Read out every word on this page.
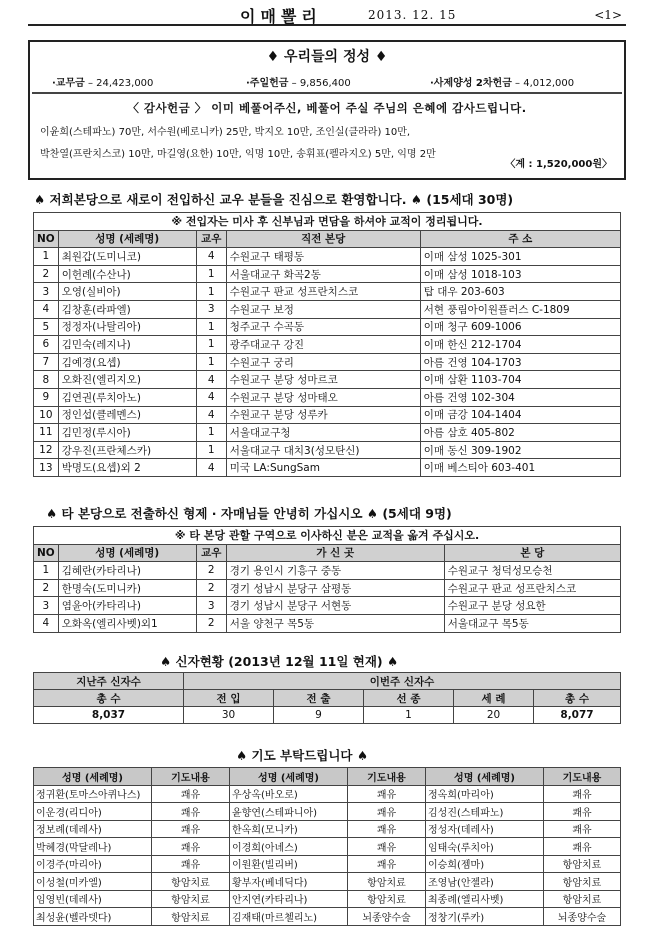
이매뽈리	2013. 12. 15	<1>
♦ 우리들의 정성 ♦
·교무금 – 24,423,000	·주일헌금 – 9,856,400	·사제양성 2차헌금 – 4,012,000
〈 감사헌금 〉 이미 베풀어주신, 베풀어 주실 주님의 은혜에 감사드립니다.
이윤희(스테파노) 70만, 서수원(베로니카) 25만, 박지오 10만, 조인실(클라라) 10만,
박찬열(프란치스코) 10만, 마길영(요한) 10만, 익명 10만, 송휘표(펠라지오) 5만, 익명 2만
〈계 : 1,520,000원〉
♠ 저희본당으로 새로이 전입하신 교우 분들을 진심으로 환영합니다. ♠ (15세대 30명)
※ 전입자는 미사 후 신부님과 면담을 하셔야 교적이 정리됩니다.				
NO	성명 (세례명)	교우	직전 본당	주 소
1	최원갑(도미니코)	4	수원교구 태평동	이매 삼성 1025-301
2	이헌례(수산나)	1	서울대교구 화곡2동	이매 삼성 1018-103
3	오영(실비아)	1	수원교구 판교 성프란치스코	탑 대우 203-603
4	김창훈(라파엘)	3	수원교구 보정	서현 풍림아이원플러스 C-1809
5	정정자(나탈리아)	1	청주교구 수곡동	이매 청구 609-1006
6	김민숙(레지나)	1	광주대교구 강진	이매 한신 212-1704
7	김예경(요셉)	1	수원교구 궁리	아름 건영 104-1703
8	오화진(엘리지오)	4	수원교구 분당 성마르코	이매 삼환 1103-704
9	김연권(루치아노)	4	수원교구 분당 성마태오	아름 건영 102-304
10	정인섭(클레멘스)	4	수원교구 분당 성루카	이매 금강 104-1404
11	김민정(루시아)	1	서울대교구청	아름 삼호 405-802
12	강우진(프란체스카)	1	서울대교구 대치3(성모탄신)	이매 동신 309-1902
13	박명도(요셉)외 2	4	미국 LA:SungSam	이매 베스티아 603-401
♠ 타 본당으로 전출하신 형제 · 자매님들 안녕히 가십시오 ♠ (5세대 9명)
※ 타 본당 관할 구역으로 이사하신 분은 교적을 옮겨 주십시오.				
NO	성명 (세례명)	교우	가 신 곳	본 당
1	김혜란(카타리나)	2	경기 용인시 기흥구 중동	수원교구 청덕성모승천
2	한명숙(도미니카)	2	경기 성남시 분당구 삼평동	수원교구 판교 성프란치스코
3	염윤아(카타리나)	3	경기 성남시 분당구 서현동	수원교구 분당 성요한
4	오화옥(엘리사벳)외1	2	서울 양천구 목5동	서울대교구 목5동
♠ 신자현황 (2013년 12월 11일 현재) ♠
지난주 신자수	이번주 신자수				
총 수	전 입	전 출	선 종	세 례	총 수
8,037	30	9	1	20	8,077
♠ 기도 부탁드립니다 ♠
성명 (세례명)	기도내용	성명 (세례명)	기도내용	성명 (세례명)	기도내용
정귀환(토마스아퀴나스)	쾌유	우상옥(바오로)	쾌유	정옥희(마리아)	쾌유
이운경(리디아)	쾌유	윤향연(스테파니아)	쾌유	김성진(스테파노)	쾌유
정보례(데레사)	쾌유	한옥희(모니카)	쾌유	정성자(데레사)	쾌유
박혜경(막달레나)	쾌유	이경희(아녜스)	쾌유	임태숙(루치아)	쾌유
이경주(마리아)	쾌유	이원환(빌리버)	쾌유	이승희(젬마)	항암치료
이성철(미카엘)	항암치료	황부자(베네딕다)	항암치료	조영남(안젤라)	항암치료
임영빈(데레사)	항암치료	안지연(카타리나)	항암치료	최종례(엘리사벳)	항암치료
최성윤(벨라뎃다)	항암치료	김재태(마르첼리노)	뇌종양수술	정창기(루카)	뇌종양수술
